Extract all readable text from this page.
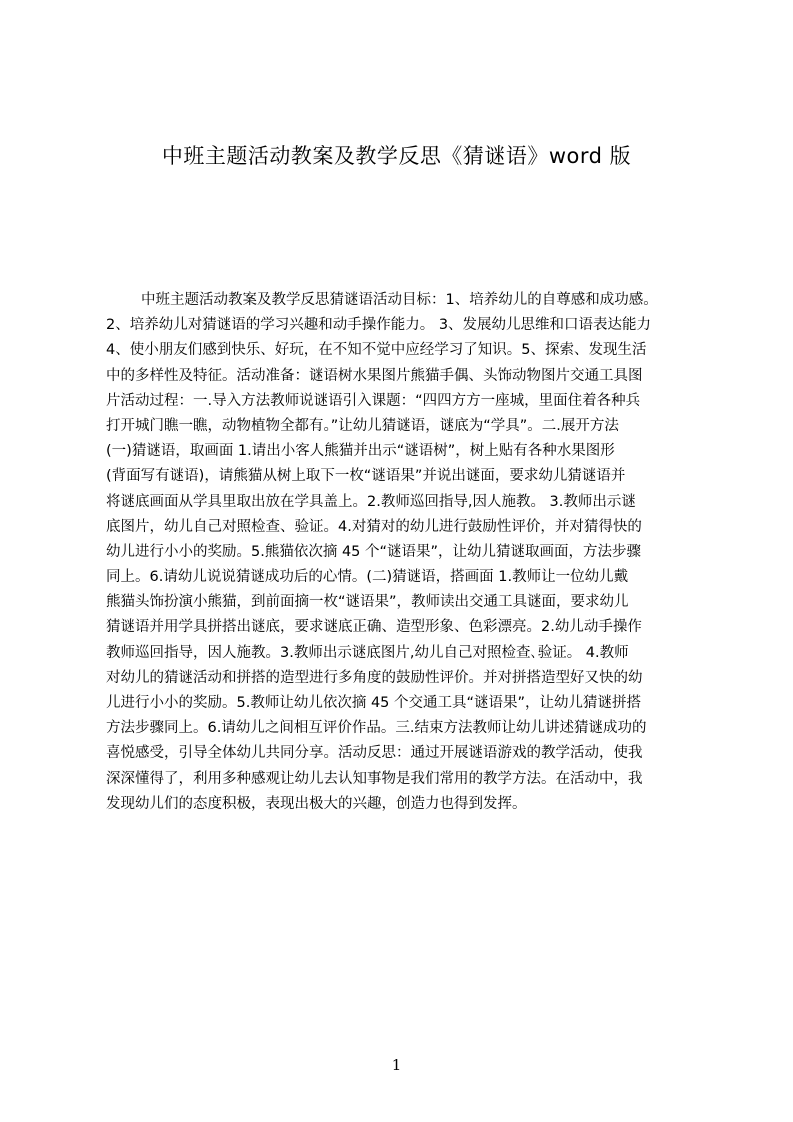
中班主题活动教案及教学反思《猜谜语》word 版
中班主题活动教案及教学反思猜谜语活动目标：1、培养幼儿的自尊感和成功感。
2、培养幼儿对猜谜语的学习兴趣和动手操作能力。 3、发展幼儿思维和口语表达能力
4、使小朋友们感到快乐、好玩，在不知不觉中应经学习了知识。5、探索、发现生活
中的多样性及特征。活动准备：谜语树水果图片熊猫手偶、头饰动物图片交通工具图
片活动过程：一.导入方法教师说谜语引入课题：“四四方方一座城，里面住着各种兵
打开城门瞧一瞧，动物植物全都有。”让幼儿猜谜语，谜底为“学具”。二.展开方法
(一)猜谜语，取画面 1.请出小客人熊猫并出示“谜语树”，树上贴有各种水果图形
(背面写有谜语)，请熊猫从树上取下一枚“谜语果”并说出谜面，要求幼儿猜谜语并
将谜底画面从学具里取出放在学具盖上。2.教师巡回指导,因人施教。 3.教师出示谜
底图片，幼儿自己对照检查、验证。4.对猜对的幼儿进行鼓励性评价，并对猜得快的
幼儿进行小小的奖励。5.熊猫依次摘 45 个“谜语果”，让幼儿猜谜取画面，方法步骤
同上。6.请幼儿说说猜谜成功后的心情。(二)猜谜语，搭画面 1.教师让一位幼儿戴
熊猫头饰扮演小熊猫，到前面摘一枚“谜语果”，教师读出交通工具谜面，要求幼儿
猜谜语并用学具拼搭出谜底，要求谜底正确、造型形象、色彩漂亮。2.幼儿动手操作
教师巡回指导，因人施教。3.教师出示谜底图片,幼儿自己对照检查､验证。 4.教师
对幼儿的猜谜活动和拼搭的造型进行多角度的鼓励性评价。并对拼搭造型好又快的幼
儿进行小小的奖励。5.教师让幼儿依次摘 45 个交通工具“谜语果”，让幼儿猜谜拼搭
方法步骤同上。6.请幼儿之间相互评价作品。三.结束方法教师让幼儿讲述猜谜成功的
喜悦感受，引导全体幼儿共同分享。活动反思：通过开展谜语游戏的教学活动，使我
深深懂得了，利用多种感观让幼儿去认知事物是我们常用的教学方法。在活动中，我
发现幼儿们的态度积极，表现出极大的兴趣，创造力也得到发挥。
1
